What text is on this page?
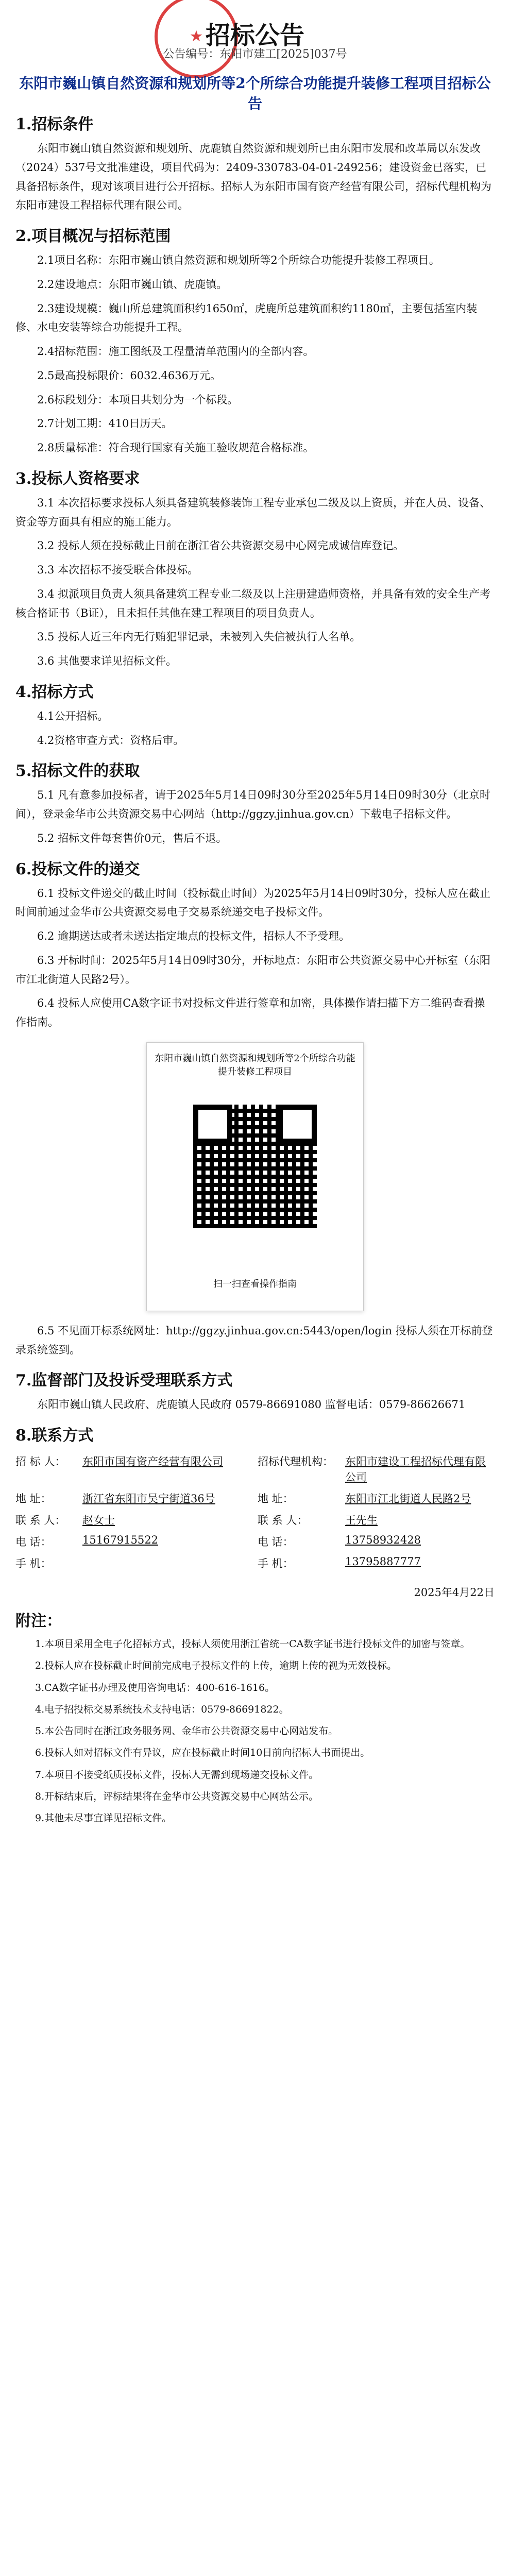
★ 招标公告
公告编号：东阳市建工[2025]037号
东阳市巍山镇自然资源和规划所等2个所综合功能提升装修工程项目招标公告
1.招标条件

东阳市巍山镇自然资源和规划所、虎鹿镇自然资源和规划所已由东阳市发展和改革局以东发改（2024）537号文批准建设，项目代码为：2409-330783-04-01-249256；建设资金已落实，已具备招标条件，现对该项目进行公开招标。招标人为东阳市国有资产经营有限公司，招标代理机构为东阳市建设工程招标代理有限公司。

2.项目概况与招标范围

2.1项目名称：东阳市巍山镇自然资源和规划所等2个所综合功能提升装修工程项目。

2.2建设地点：东阳市巍山镇、虎鹿镇。

2.3建设规模：巍山所总建筑面积约1650㎡，虎鹿所总建筑面积约1180㎡，主要包括室内装修、水电安装等综合功能提升工程。

2.4招标范围：施工图纸及工程量清单范围内的全部内容。

2.5最高投标限价：6032.4636万元。

2.6标段划分：本项目共划分为一个标段。

2.7计划工期：410日历天。

2.8质量标准：符合现行国家有关施工验收规范合格标准。

3.投标人资格要求

3.1 本次招标要求投标人须具备建筑装修装饰工程专业承包二级及以上资质，并在人员、设备、资金等方面具有相应的施工能力。

3.2 投标人须在投标截止日前在浙江省公共资源交易中心网完成诚信库登记。

3.3 本次招标不接受联合体投标。

3.4 拟派项目负责人须具备建筑工程专业二级及以上注册建造师资格，并具备有效的安全生产考核合格证书（B证），且未担任其他在建工程项目的项目负责人。

3.5 投标人近三年内无行贿犯罪记录，未被列入失信被执行人名单。

3.6 其他要求详见招标文件。

4.招标方式

4.1公开招标。

4.2资格审查方式：资格后审。

5.招标文件的获取

5.1 凡有意参加投标者，请于2025年5月14日09时30分至2025年5月14日09时30分（北京时间），登录金华市公共资源交易中心网站（http://ggzy.jinhua.gov.cn）下载电子招标文件。

5.2 招标文件每套售价0元，售后不退。

6.投标文件的递交

6.1 投标文件递交的截止时间（投标截止时间）为2025年5月14日09时30分，投标人应在截止时间前通过金华市公共资源交易电子交易系统递交电子投标文件。

6.2 逾期送达或者未送达指定地点的投标文件，招标人不予受理。

6.3 开标时间：2025年5月14日09时30分，开标地点：东阳市公共资源交易中心开标室（东阳市江北街道人民路2号）。

6.4 投标人应使用CA数字证书对投标文件进行签章和加密，具体操作请扫描下方二维码查看操作指南。

东阳市巍山镇自然资源和规划所等2个所综合功能提升装修工程项目
扫一扫查看操作指南

6.5 不见面开标系统网址：http://ggzy.jinhua.gov.cn:5443/open/login 投标人须在开标前登录系统签到。

7.监督部门及投诉受理联系方式

东阳市巍山镇人民政府、虎鹿镇人民政府 0579-86691080 监督电话：0579-86626671

8.联系方式
招 标 人：	东阳市国有资产经营有限公司	招标代理机构：	东阳市建设工程招标代理有限公司
地 址：	浙江省东阳市吴宁街道36号	地 址：	东阳市江北街道人民路2号
联 系 人：	赵女士	联 系 人：	王先生
电 话：	15167915522	电 话：	13758932428
手 机：		手 机：	13795887777
2025年4月22日
附注：

1.本项目采用全电子化招标方式，投标人须使用浙江省统一CA数字证书进行投标文件的加密与签章。

2.投标人应在投标截止时间前完成电子投标文件的上传，逾期上传的视为无效投标。

3.CA数字证书办理及使用咨询电话：400-616-1616。

4.电子招投标交易系统技术支持电话：0579-86691822。

5.本公告同时在浙江政务服务网、金华市公共资源交易中心网站发布。

6.投标人如对招标文件有异议，应在投标截止时间10日前向招标人书面提出。

7.本项目不接受纸质投标文件，投标人无需到现场递交投标文件。

8.开标结束后，评标结果将在金华市公共资源交易中心网站公示。

9.其他未尽事宜详见招标文件。
